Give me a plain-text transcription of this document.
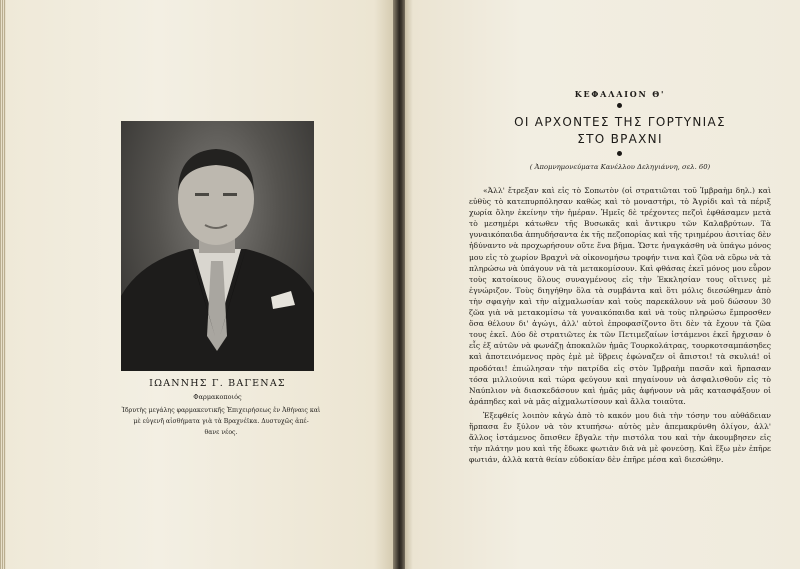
ΙΩΑΝΝΗΣ Γ. ΒΑΓΕΝΑΣ
Φαρμακοποιός
Ἱδρυτὴς μεγάλης φαρμακευτικῆς Ἐπιχειρήσεως ἐν Ἀθήναις καὶ
μὲ εὐγενῆ αἰσθήματα γιὰ τὰ Βραχνέϊκα. Δυστυχῶς ἀπέ-
θανε νέος.
ΚΕΦΑΛΑΙΟΝ Θ'
ΟΙ ΑΡΧΟΝΤΕΣ ΤΗΣ ΓΟΡΤΥΝΙΑΣ
ΣΤΟ ΒΡΑΧΝΙ
( Ἀπομνημονεύματα Κανέλλου Δεληγιάννη, σελ. 60)

«Ἀλλ' ἔτρεξαν καὶ εἰς τὸ Σοπωτὸν (οἱ στρατιῶται τοῦ Ἰμβραὴμ δηλ.) καὶ εὐθὺς τὸ κατεπυρπόλησαν καθὼς καὶ τὸ μοναστήρι, τὸ Ἀγρίδι καὶ τὰ πέριξ χωρία ὅλην ἐκείνην τὴν ἡμέραν. Ἡμεῖς δὲ τρέχοντες πεζοὶ ἐφθάσαμεν μετὰ τὸ μεσημέρι κάτωθεν τῆς Βυσωκᾶς καὶ ἄντικρυ τῶν Καλαβρύτων. Τὰ γυναικόπαιδα ἀπηυδήσαντα ἐκ τῆς πεζοπορίας καὶ τῆς τριημέρου ἀσιτίας δὲν ἠδύναντο νὰ προχωρήσουν οὔτε ἕνα βῆμα. Ὥστε ἠναγκάσθη νὰ ὑπάγω μόνος μου εἰς τὸ χωρίον Βραχνὶ νὰ οἰκονομήσω τροφήν τινα καὶ ζῶα νὰ εὕρω νὰ τὰ πληρώσω νὰ ὑπάγουν νὰ τὰ μετακομίσουν. Καὶ φθάσας ἐκεῖ μόνος μου εὗρον τοὺς κατοίκους ὅλους συναγμένους εἰς τὴν Ἐκκλησίαν τους οἵτινες μὲ ἐγνώριζον. Τοὺς διηγήθην ὅλα τὰ συμβάντα καὶ ὅτι μόλις διεσώθημεν ἀπὸ τὴν σφαγὴν καὶ τὴν αἰχμαλωσίαν καὶ τοὺς παρεκάλουν νὰ μοῦ δώσουν 30 ζῶα γιὰ νὰ μετακομίσω τὰ γυναικόπαιδα καὶ νὰ τοὺς πληρώσω ἔμπροσθεν ὅσα θέλουν δι' ἀγώγι, ἀλλ' αὐτοὶ ἐπροφασίζοντο ὅτι δὲν τὰ ἔχουν τὰ ζῶα τους ἐκεῖ. Δύο δὲ στρατιῶτες ἐκ τῶν Πετιμεζαίων ἱστάμενοι ἐκεῖ ἤρχισαν ὁ εἷς ἐξ αὐτῶν νὰ φωνάζῃ ἀποκαλῶν ἡμᾶς Τουρκολάτρας, τουρκοτσαμπάσηδες καὶ ἀποτεινόμενος πρὸς ἐμὲ μὲ ὕβρεις ἐφώναζεν οἱ ἄπιστοι! τὰ σκυλιά! οἱ προδόται! ἐπιώλησαν τὴν πατρίδα εἰς στὸν Ἰμβραὴμ πασᾶν καὶ ἤρπασαν τόσα μιλλιούνια καὶ τώρα φεύγουν καὶ πηγαίνουν νὰ ἀσφαλισθοῦν εἰς τὸ Ναύπλιον νὰ διασκεδάσουν καὶ ἡμᾶς μᾶς ἀφήνουν νὰ μᾶς κατασφάξουν οἱ ἀράπηδες καὶ νὰ μᾶς αἰχμαλωτίσουν καὶ ἄλλα τοιαῦτα.

Ἐξεφθείς λοιπὸν κἀγὼ ἀπὸ τὸ κακόν μου διὰ τὴν τόσην του αὐθάδειαν ἥρπασα ἓν ξύλον νὰ τὸν κτυπήσω· αὐτὸς μὲν ἀπεμακρύνθη ὀλίγον, ἀλλ' ἄλλος ἱστάμενος ὄπισθεν ἔβγαλε τὴν πιστόλα του καὶ τὴν ἀκουμβησεν εἰς τὴν πλάτην μου καὶ τῆς ἔδωκε φωτιὰν διὰ νὰ μὲ φονεύσῃ. Καὶ ἔξω μὲν ἐπῆρε φωτιάν, ἀλλὰ κατὰ θείαν εὐδοκίαν δὲν ἐπῆρε μέσα καὶ διεσώθην.
